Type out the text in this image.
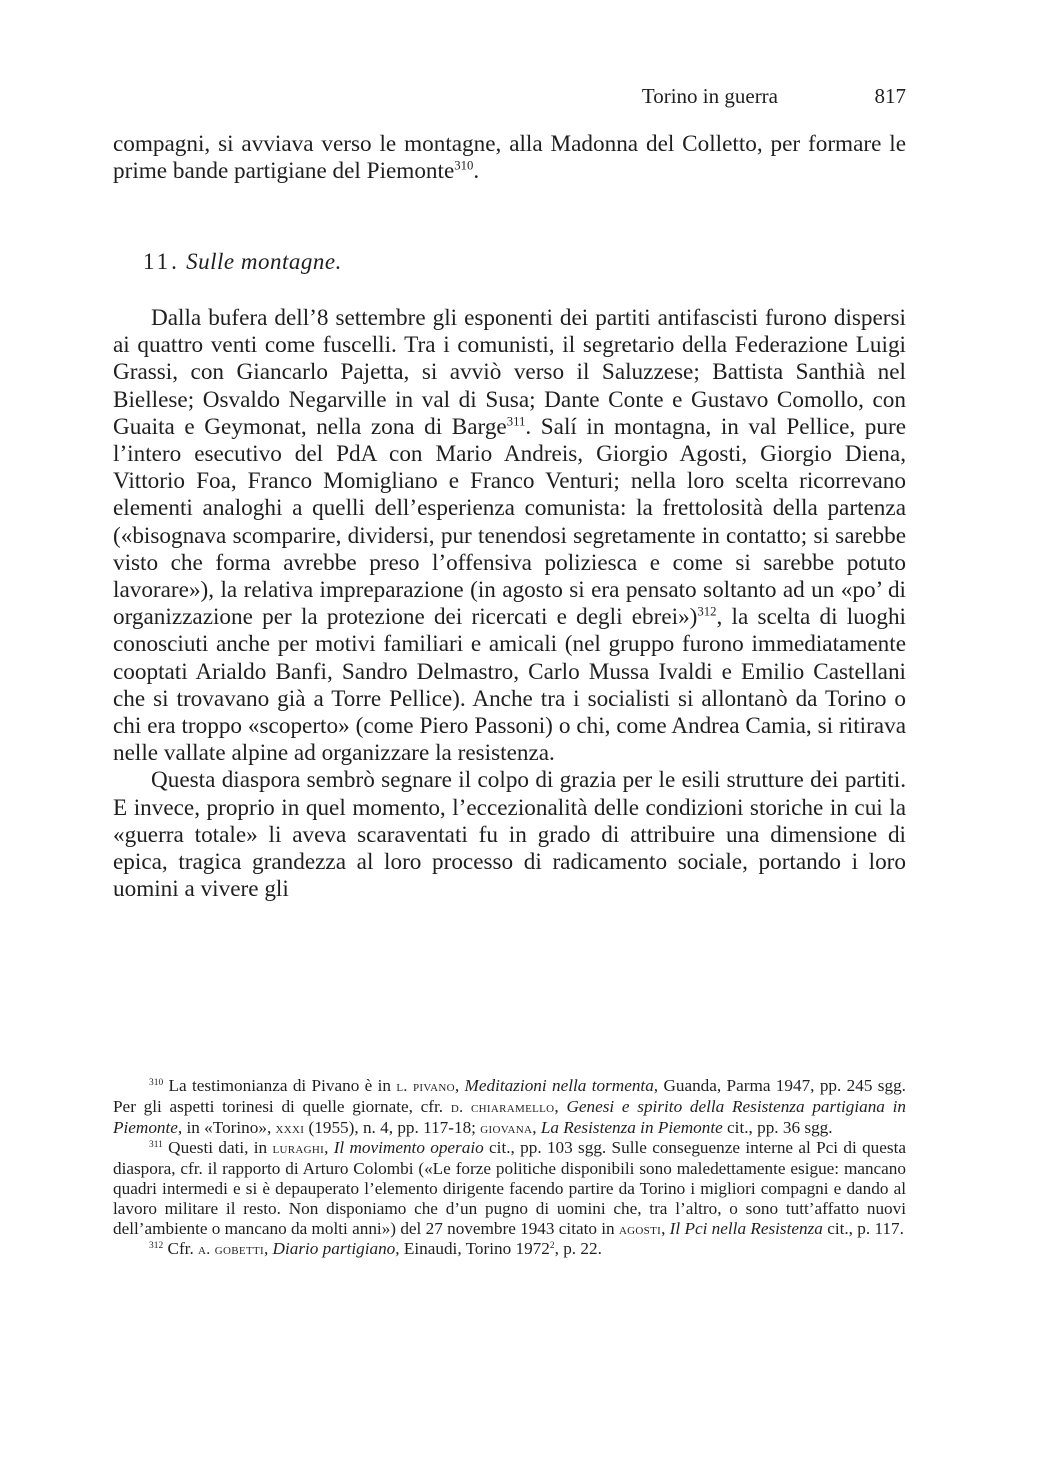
Torino in guerra	817

compagni, si avviava verso le montagne, alla Madonna del Colletto, per formare le prime bande partigiane del Piemonte$^{310}$.

11. Sulle montagne.

Dalla bufera dell’8 settembre gli esponenti dei partiti antifascisti furono dispersi ai quattro venti come fuscelli. Tra i comunisti, il segretario della Federazione Luigi Grassi, con Giancarlo Pajetta, si avviò verso il Saluzzese; Battista Santhià nel Biellese; Osvaldo Negarville in val di Susa; Dante Conte e Gustavo Comollo, con Guaita e Geymonat, nella zona di Barge$^{311}$. Salí in montagna, in val Pellice, pure l’intero esecutivo del PdA con Mario Andreis, Giorgio Agosti, Giorgio Diena, Vittorio Foa, Franco Momigliano e Franco Venturi; nella loro scelta ricorrevano elementi analoghi a quelli dell’esperienza comunista: la frettolosità della partenza («bisognava scomparire, dividersi, pur tenendosi segretamente in contatto; si sarebbe visto che forma avrebbe preso l’offensiva poliziesca e come si sarebbe potuto lavorare»), la relativa impreparazione (in agosto si era pensato soltanto ad un «po’ di organizzazione per la protezione dei ricercati e degli ebrei»)$^{312}$, la scelta di luoghi conosciuti anche per motivi familiari e amicali (nel gruppo furono immediatamente cooptati Arialdo Banfi, Sandro Delmastro, Carlo Mussa Ivaldi e Emilio Castellani che si trovavano già a Torre Pellice). Anche tra i socialisti si allontanò da Torino o chi era troppo «scoperto» (come Piero Passoni) o chi, come Andrea Camia, si ritirava nelle vallate alpine ad organizzare la resistenza.

Questa diaspora sembrò segnare il colpo di grazia per le esili strutture dei partiti. E invece, proprio in quel momento, l’eccezionalità delle condizioni storiche in cui la «guerra totale» li aveva scaraventati fu in grado di attribuire una dimensione di epica, tragica grandezza al loro processo di radicamento sociale, portando i loro uomini a vivere gli

$^{310}$ La testimonianza di Pivano è in l. pivano, Meditazioni nella tormenta, Guanda, Parma 1947, pp. 245 sgg. Per gli aspetti torinesi di quelle giornate, cfr. d. chiaramello, Genesi e spirito della Resistenza partigiana in Piemonte, in «Torino», xxxi (1955), n. 4, pp. 117-18; giovana, La Resistenza in Piemonte cit., pp. 36 sgg.

$^{311}$ Questi dati, in luraghi, Il movimento operaio cit., pp. 103 sgg. Sulle conseguenze interne al Pci di questa diaspora, cfr. il rapporto di Arturo Colombi («Le forze politiche disponibili sono maledettamente esigue: mancano quadri intermedi e si è depauperato l’elemento dirigente facendo partire da Torino i migliori compagni e dando al lavoro militare il resto. Non disponiamo che d’un pugno di uomini che, tra l’altro, o sono tutt’affatto nuovi dell’ambiente o mancano da molti anni») del 27 novembre 1943 citato in agosti, Il Pci nella Resistenza cit., p. 117.

$^{312}$ Cfr. a. gobetti, Diario partigiano, Einaudi, Torino 1972$^2$, p. 22.
